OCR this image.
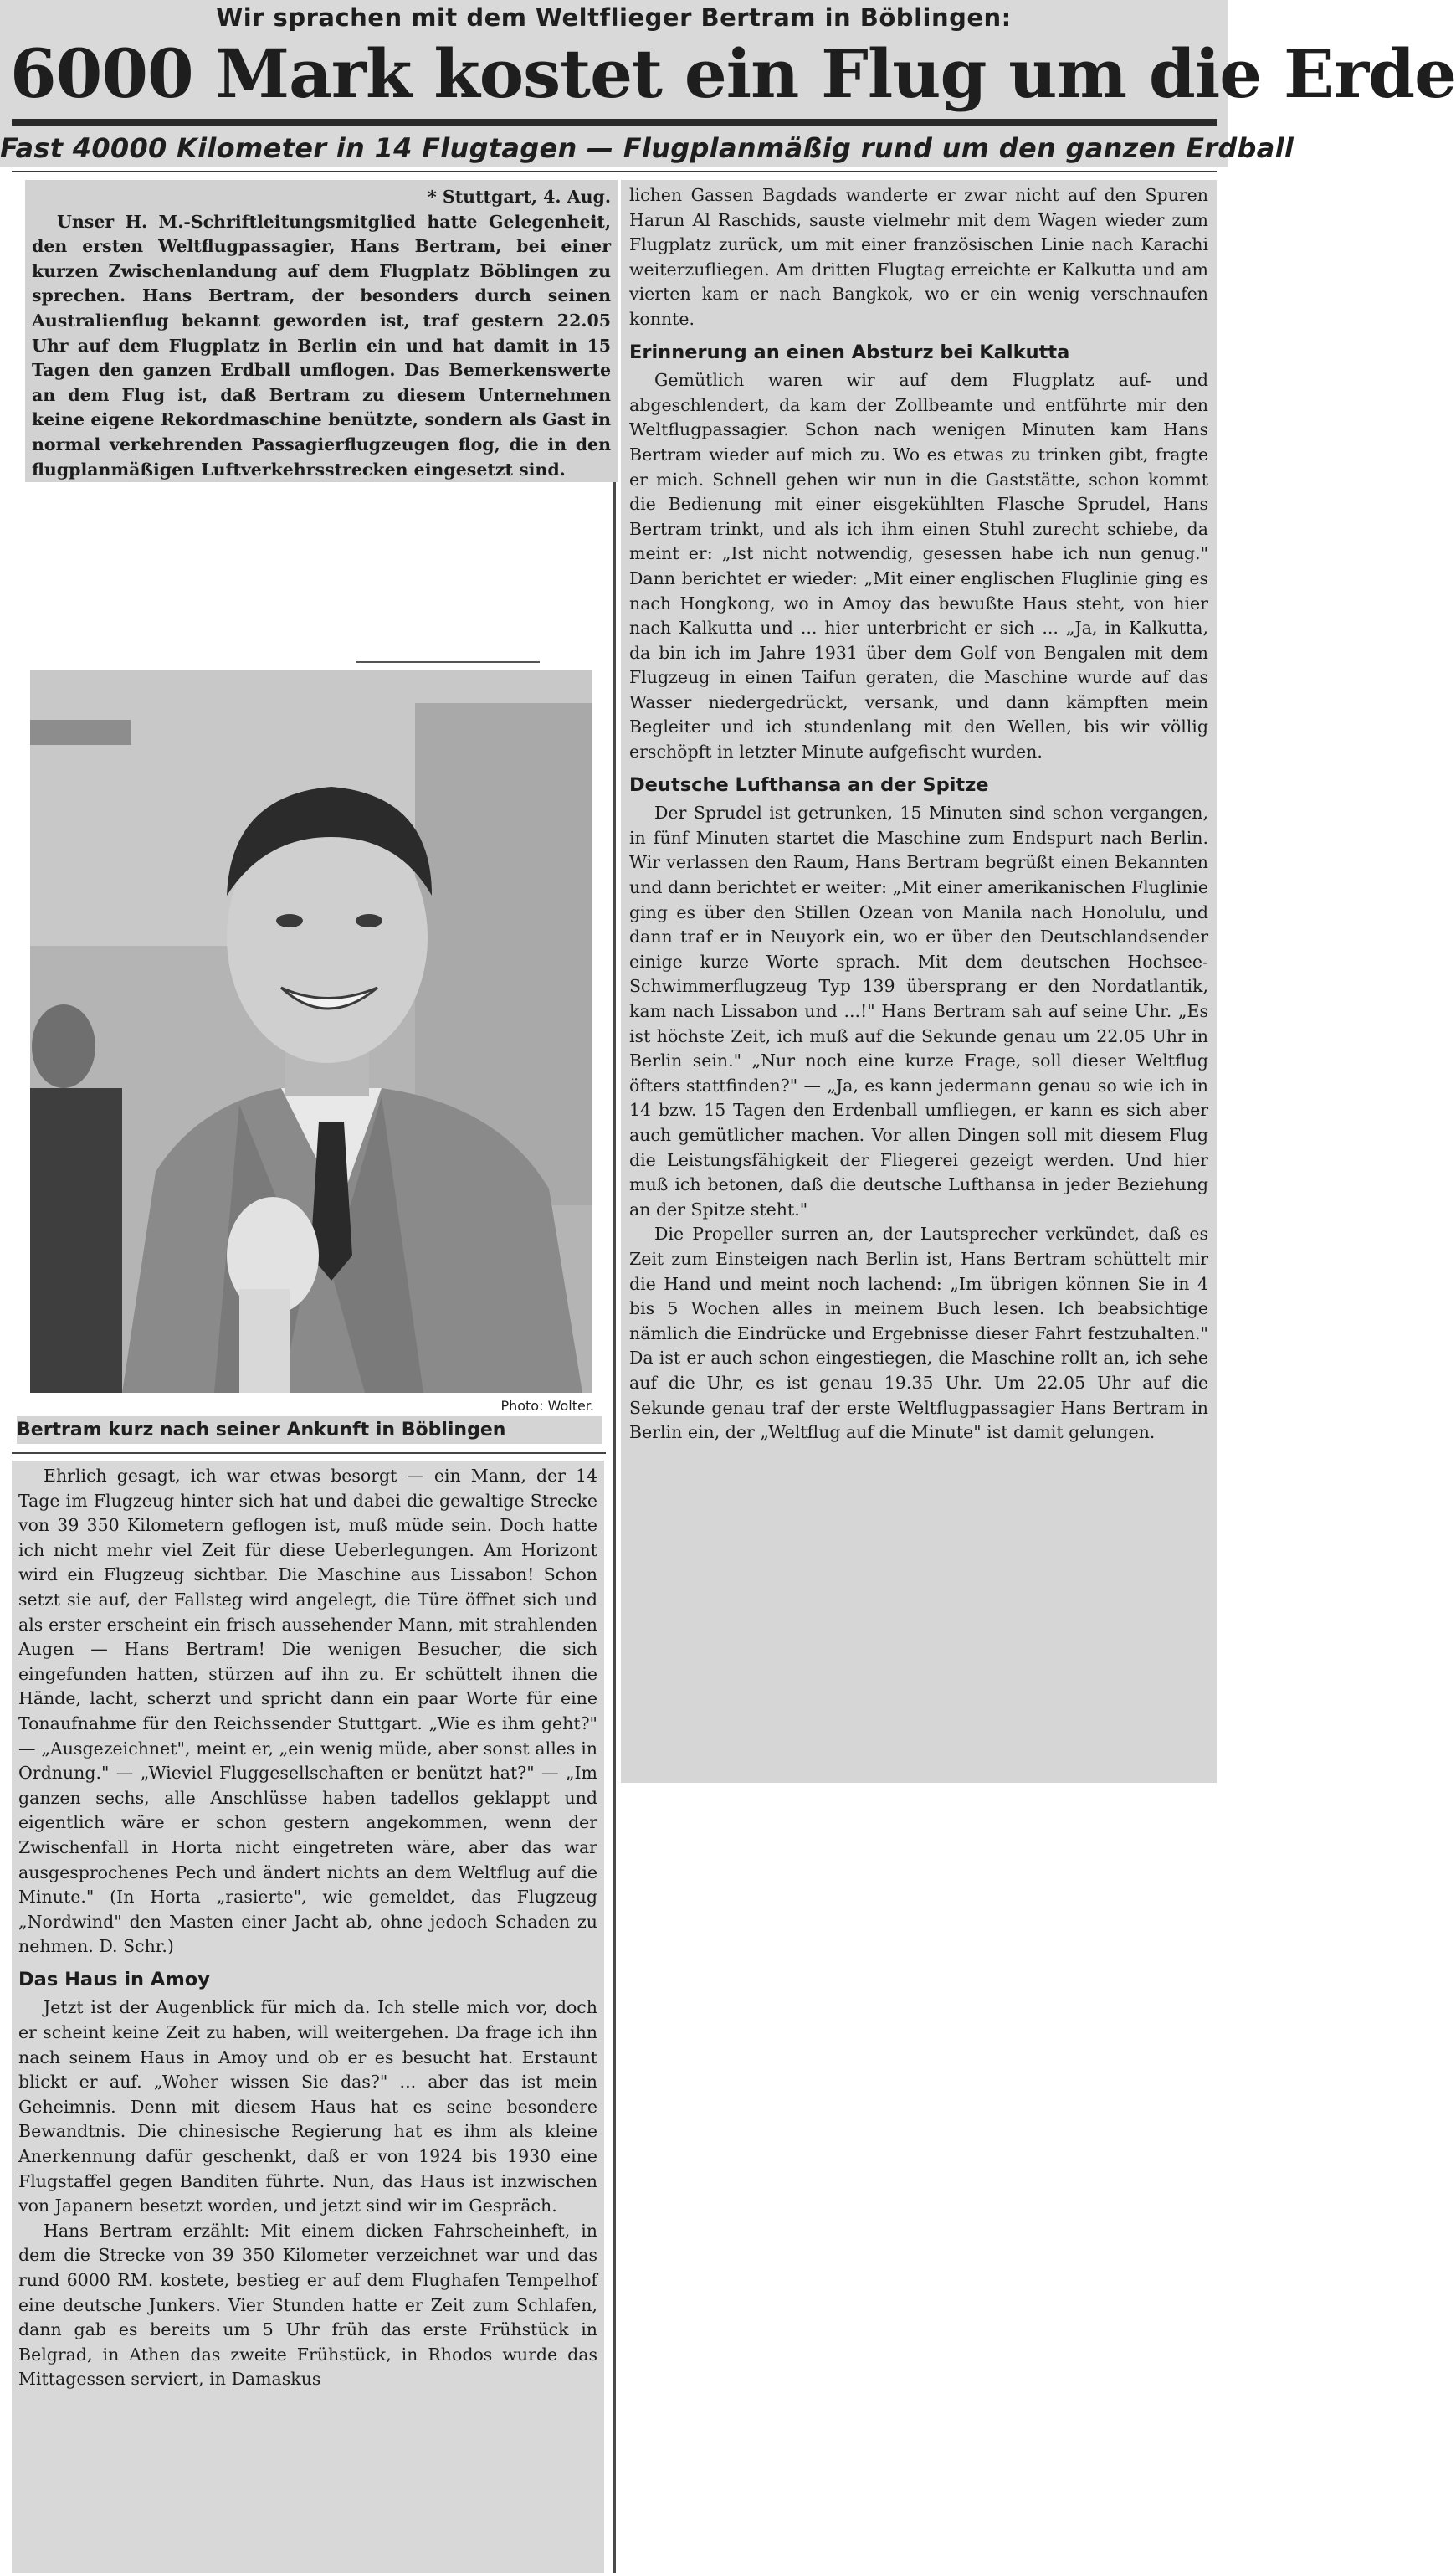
Wir sprachen mit dem Weltflieger Bertram in Böblingen:
6000 Mark kostet ein Flug um die Erde
Fast 40000 Kilometer in 14 Flugtagen — Flugplanmäßig rund um den ganzen Erdball
* Stuttgart, 4. Aug.

Unser H. M.-Schriftleitungsmitglied hatte Gelegenheit, den ersten Weltflugpassagier, Hans Bertram, bei einer kurzen Zwischenlandung auf dem Flugplatz Böblingen zu sprechen. Hans Bertram, der besonders durch seinen Australienflug bekannt geworden ist, traf gestern 22.05 Uhr auf dem Flugplatz in Berlin ein und hat damit in 15 Tagen den ganzen Erdball umflogen. Das Bemerkenswerte an dem Flug ist, daß Bertram zu diesem Unternehmen keine eigene Rekordmaschine benützte, sondern als Gast in normal verkehrenden Passagierflugzeugen flog, die in den flugplanmäßigen Luftverkehrsstrecken eingesetzt sind.

Photo: Wolter.
Bertram kurz nach seiner Ankunft in Böblingen

Ehrlich gesagt, ich war etwas besorgt — ein Mann, der 14 Tage im Flugzeug hinter sich hat und dabei die gewaltige Strecke von 39 350 Kilometern geflogen ist, muß müde sein. Doch hatte ich nicht mehr viel Zeit für diese Ueberlegungen. Am Horizont wird ein Flugzeug sichtbar. Die Maschine aus Lissabon! Schon setzt sie auf, der Fallsteg wird angelegt, die Türe öffnet sich und als erster erscheint ein frisch aussehender Mann, mit strahlenden Augen — Hans Bertram! Die wenigen Besucher, die sich eingefunden hatten, stürzen auf ihn zu. Er schüttelt ihnen die Hände, lacht, scherzt und spricht dann ein paar Worte für eine Tonaufnahme für den Reichssender Stuttgart. „Wie es ihm geht?" — „Ausgezeichnet", meint er, „ein wenig müde, aber sonst alles in Ordnung." — „Wieviel Fluggesellschaften er benützt hat?" — „Im ganzen sechs, alle Anschlüsse haben tadellos geklappt und eigentlich wäre er schon gestern angekommen, wenn der Zwischenfall in Horta nicht eingetreten wäre, aber das war ausgesprochenes Pech und ändert nichts an dem Weltflug auf die Minute." (In Horta „rasierte", wie gemeldet, das Flugzeug „Nordwind" den Masten einer Jacht ab, ohne jedoch Schaden zu nehmen. D. Schr.)

Das Haus in Amoy

Jetzt ist der Augenblick für mich da. Ich stelle mich vor, doch er scheint keine Zeit zu haben, will weitergehen. Da frage ich ihn nach seinem Haus in Amoy und ob er es besucht hat. Erstaunt blickt er auf. „Woher wissen Sie das?" ... aber das ist mein Geheimnis. Denn mit diesem Haus hat es seine besondere Bewandtnis. Die chinesische Regierung hat es ihm als kleine Anerkennung dafür geschenkt, daß er von 1924 bis 1930 eine Flugstaffel gegen Banditen führte. Nun, das Haus ist inzwischen von Japanern besetzt worden, und jetzt sind wir im Gespräch.

Hans Bertram erzählt: Mit einem dicken Fahrscheinheft, in dem die Strecke von 39 350 Kilometer verzeichnet war und das rund 6000 RM. kostete, bestieg er auf dem Flughafen Tempelhof eine deutsche Junkers. Vier Stunden hatte er Zeit zum Schlafen, dann gab es bereits um 5 Uhr früh das erste Frühstück in Belgrad, in Athen das zweite Frühstück, in Rhodos wurde das Mittagessen serviert, in Damaskus

lichen Gassen Bagdads wanderte er zwar nicht auf den Spuren Harun Al Raschids, sauste vielmehr mit dem Wagen wieder zum Flugplatz zurück, um mit einer französischen Linie nach Karachi weiterzufliegen. Am dritten Flugtag erreichte er Kalkutta und am vierten kam er nach Bangkok, wo er ein wenig verschnaufen konnte.

Erinnerung an einen Absturz bei Kalkutta

Gemütlich waren wir auf dem Flugplatz auf- und abgeschlendert, da kam der Zollbeamte und entführte mir den Weltflugpassagier. Schon nach wenigen Minuten kam Hans Bertram wieder auf mich zu. Wo es etwas zu trinken gibt, fragte er mich. Schnell gehen wir nun in die Gaststätte, schon kommt die Bedienung mit einer eisgekühlten Flasche Sprudel, Hans Bertram trinkt, und als ich ihm einen Stuhl zurecht schiebe, da meint er: „Ist nicht notwendig, gesessen habe ich nun genug." Dann berichtet er wieder: „Mit einer englischen Fluglinie ging es nach Hongkong, wo in Amoy das bewußte Haus steht, von hier nach Kalkutta und ... hier unterbricht er sich ... „Ja, in Kalkutta, da bin ich im Jahre 1931 über dem Golf von Bengalen mit dem Flugzeug in einen Taifun geraten, die Maschine wurde auf das Wasser niedergedrückt, versank, und dann kämpften mein Begleiter und ich stundenlang mit den Wellen, bis wir völlig erschöpft in letzter Minute aufgefischt wurden.

Deutsche Lufthansa an der Spitze

Der Sprudel ist getrunken, 15 Minuten sind schon vergangen, in fünf Minuten startet die Maschine zum Endspurt nach Berlin. Wir verlassen den Raum, Hans Bertram begrüßt einen Bekannten und dann berichtet er weiter: „Mit einer amerikanischen Fluglinie ging es über den Stillen Ozean von Manila nach Honolulu, und dann traf er in Neuyork ein, wo er über den Deutschlandsender einige kurze Worte sprach. Mit dem deutschen Hochsee-Schwimmerflugzeug Typ 139 übersprang er den Nordatlantik, kam nach Lissabon und ...!" Hans Bertram sah auf seine Uhr. „Es ist höchste Zeit, ich muß auf die Sekunde genau um 22.05 Uhr in Berlin sein." „Nur noch eine kurze Frage, soll dieser Weltflug öfters stattfinden?" — „Ja, es kann jedermann genau so wie ich in 14 bzw. 15 Tagen den Erdenball umfliegen, er kann es sich aber auch gemütlicher machen. Vor allen Dingen soll mit diesem Flug die Leistungsfähigkeit der Fliegerei gezeigt werden. Und hier muß ich betonen, daß die deutsche Lufthansa in jeder Beziehung an der Spitze steht."

Die Propeller surren an, der Lautsprecher verkündet, daß es Zeit zum Einsteigen nach Berlin ist, Hans Bertram schüttelt mir die Hand und meint noch lachend: „Im übrigen können Sie in 4 bis 5 Wochen alles in meinem Buch lesen. Ich beabsichtige nämlich die Eindrücke und Ergebnisse dieser Fahrt festzuhalten." Da ist er auch schon eingestiegen, die Maschine rollt an, ich sehe auf die Uhr, es ist genau 19.35 Uhr. Um 22.05 Uhr auf die Sekunde genau traf der erste Weltflugpassagier Hans Bertram in Berlin ein, der „Weltflug auf die Minute" ist damit gelungen.
